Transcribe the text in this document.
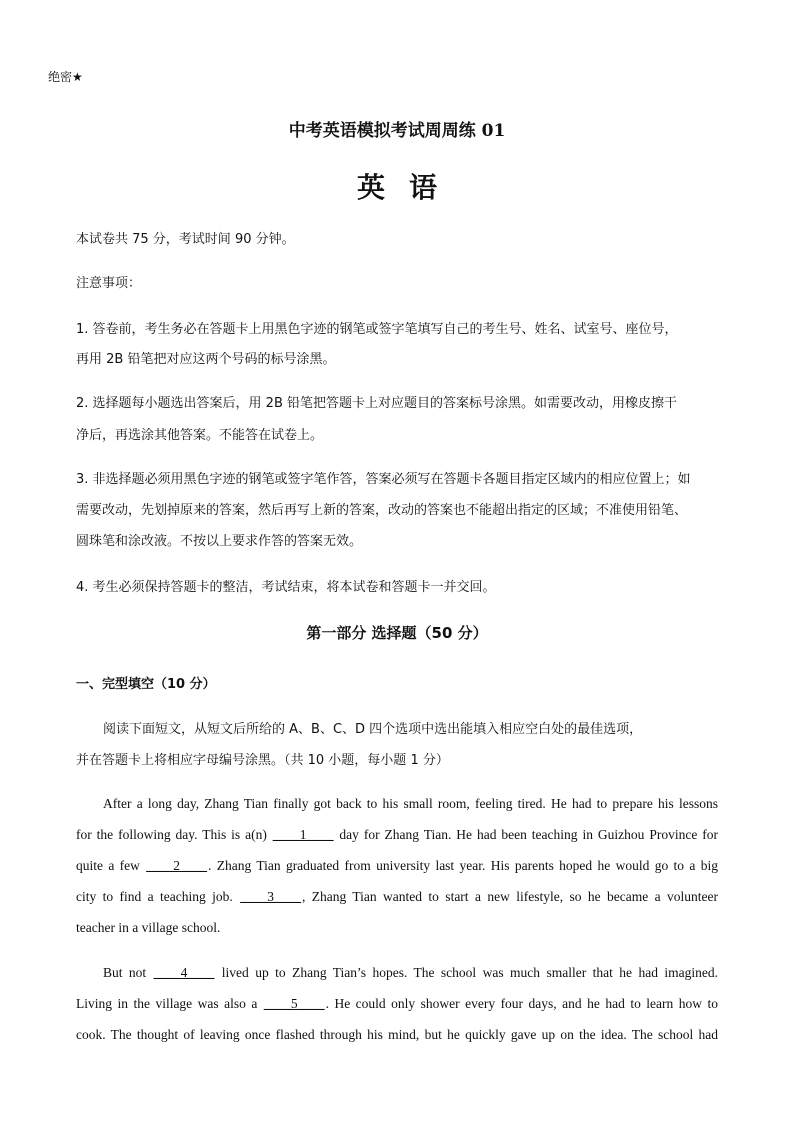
绝密★

中考英语模拟考试周周练 01

英语

本试卷共 75 分，考试时间 90 分钟。

注意事项：

1. 答卷前，考生务必在答题卡上用黑色字迹的钢笔或签字笔填写自己的考生号、姓名、试室号、座位号，

再用 2B 铅笔把对应这两个号码的标号涂黑。

2. 选择题每小题选出答案后，用 2B 铅笔把答题卡上对应题目的答案标号涂黑。如需要改动，用橡皮擦干

净后，再选涂其他答案。不能答在试卷上。

3. 非选择题必须用黑色字迹的钢笔或签字笔作答，答案必须写在答题卡各题目指定区域内的相应位置上；如

需要改动，先划掉原来的答案，然后再写上新的答案，改动的答案也不能超出指定的区域；不准使用铅笔、

圆珠笔和涂改液。不按以上要求作答的答案无效。

4. 考生必须保持答题卡的整洁，考试结束，将本试卷和答题卡一并交回。

第一部分 选择题（50 分）

一、完型填空（10 分）

阅读下面短文，从短文后所给的 A、B、C、D 四个选项中选出能填入相应空白处的最佳选项，

并在答题卡上将相应字母编号涂黑。（共 10 小题，每小题 1 分）

After a long day, Zhang Tian finally got back to his small room, feeling tired. He had to prepare his lessons

for the following day. This is a(n) ____1____ day for Zhang Tian. He had been teaching in Guizhou Province for

quite a few ____2____. Zhang Tian graduated from university last year. His parents hoped he would go to a big

city to find a teaching job. ____3____, Zhang Tian wanted to start a new lifestyle, so he became a volunteer

teacher in a village school.

But not ____4____ lived up to Zhang Tian’s hopes. The school was much smaller that he had imagined.

Living in the village was also a ____5____. He could only shower every four days, and he had to learn how to

cook. The thought of leaving once flashed through his mind, but he quickly gave up on the idea. The school had
